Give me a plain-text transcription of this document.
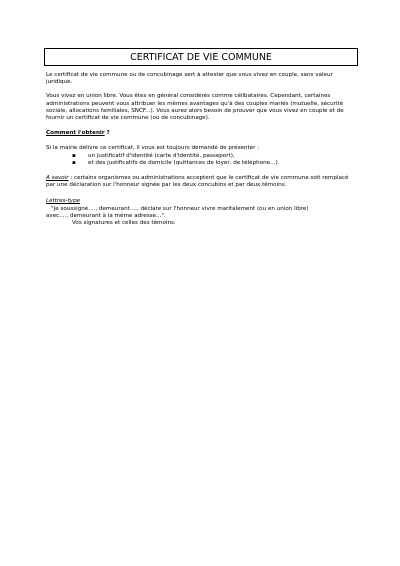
CERTIFICAT DE VIE COMMUNE

Le certificat de vie commune ou de concubinage sert à attester que vous vivez en couple, sans valeur juridique.

Vous vivez en union libre. Vous êtes en général considérés comme célibataires. Cependant, certaines administrations peuvent vous attribuer les mêmes avantages qu'à des couples mariés (mutuelle, sécurité sociale, allocations familiales, SNCF...). Vous aurez alors besoin de prouver que vous vivez en couple et de fournir un certificat de vie commune (ou de concubinage).

Comment l'obtenir ?

Si la mairie délivre ce certificat, il vous est toujours demandé de présenter :

▪ un justificatif d'identité (carte d'identité, passeport),
▪ et des justificatifs de domicile (quittances de loyer, de téléphone...).

A savoir : certains organismes ou administrations acceptent que le certificat de vie commune soit remplacé par une déclaration sur l'honneur signée par les deux concubins et par deux témoins.

Lettres-type

"Je soussigné...., demeurant...., déclare sur l'honneur vivre maritalement (ou en union libre)

avec...., demeurant à la même adresse...".

Vos signatures et celles des témoins.
